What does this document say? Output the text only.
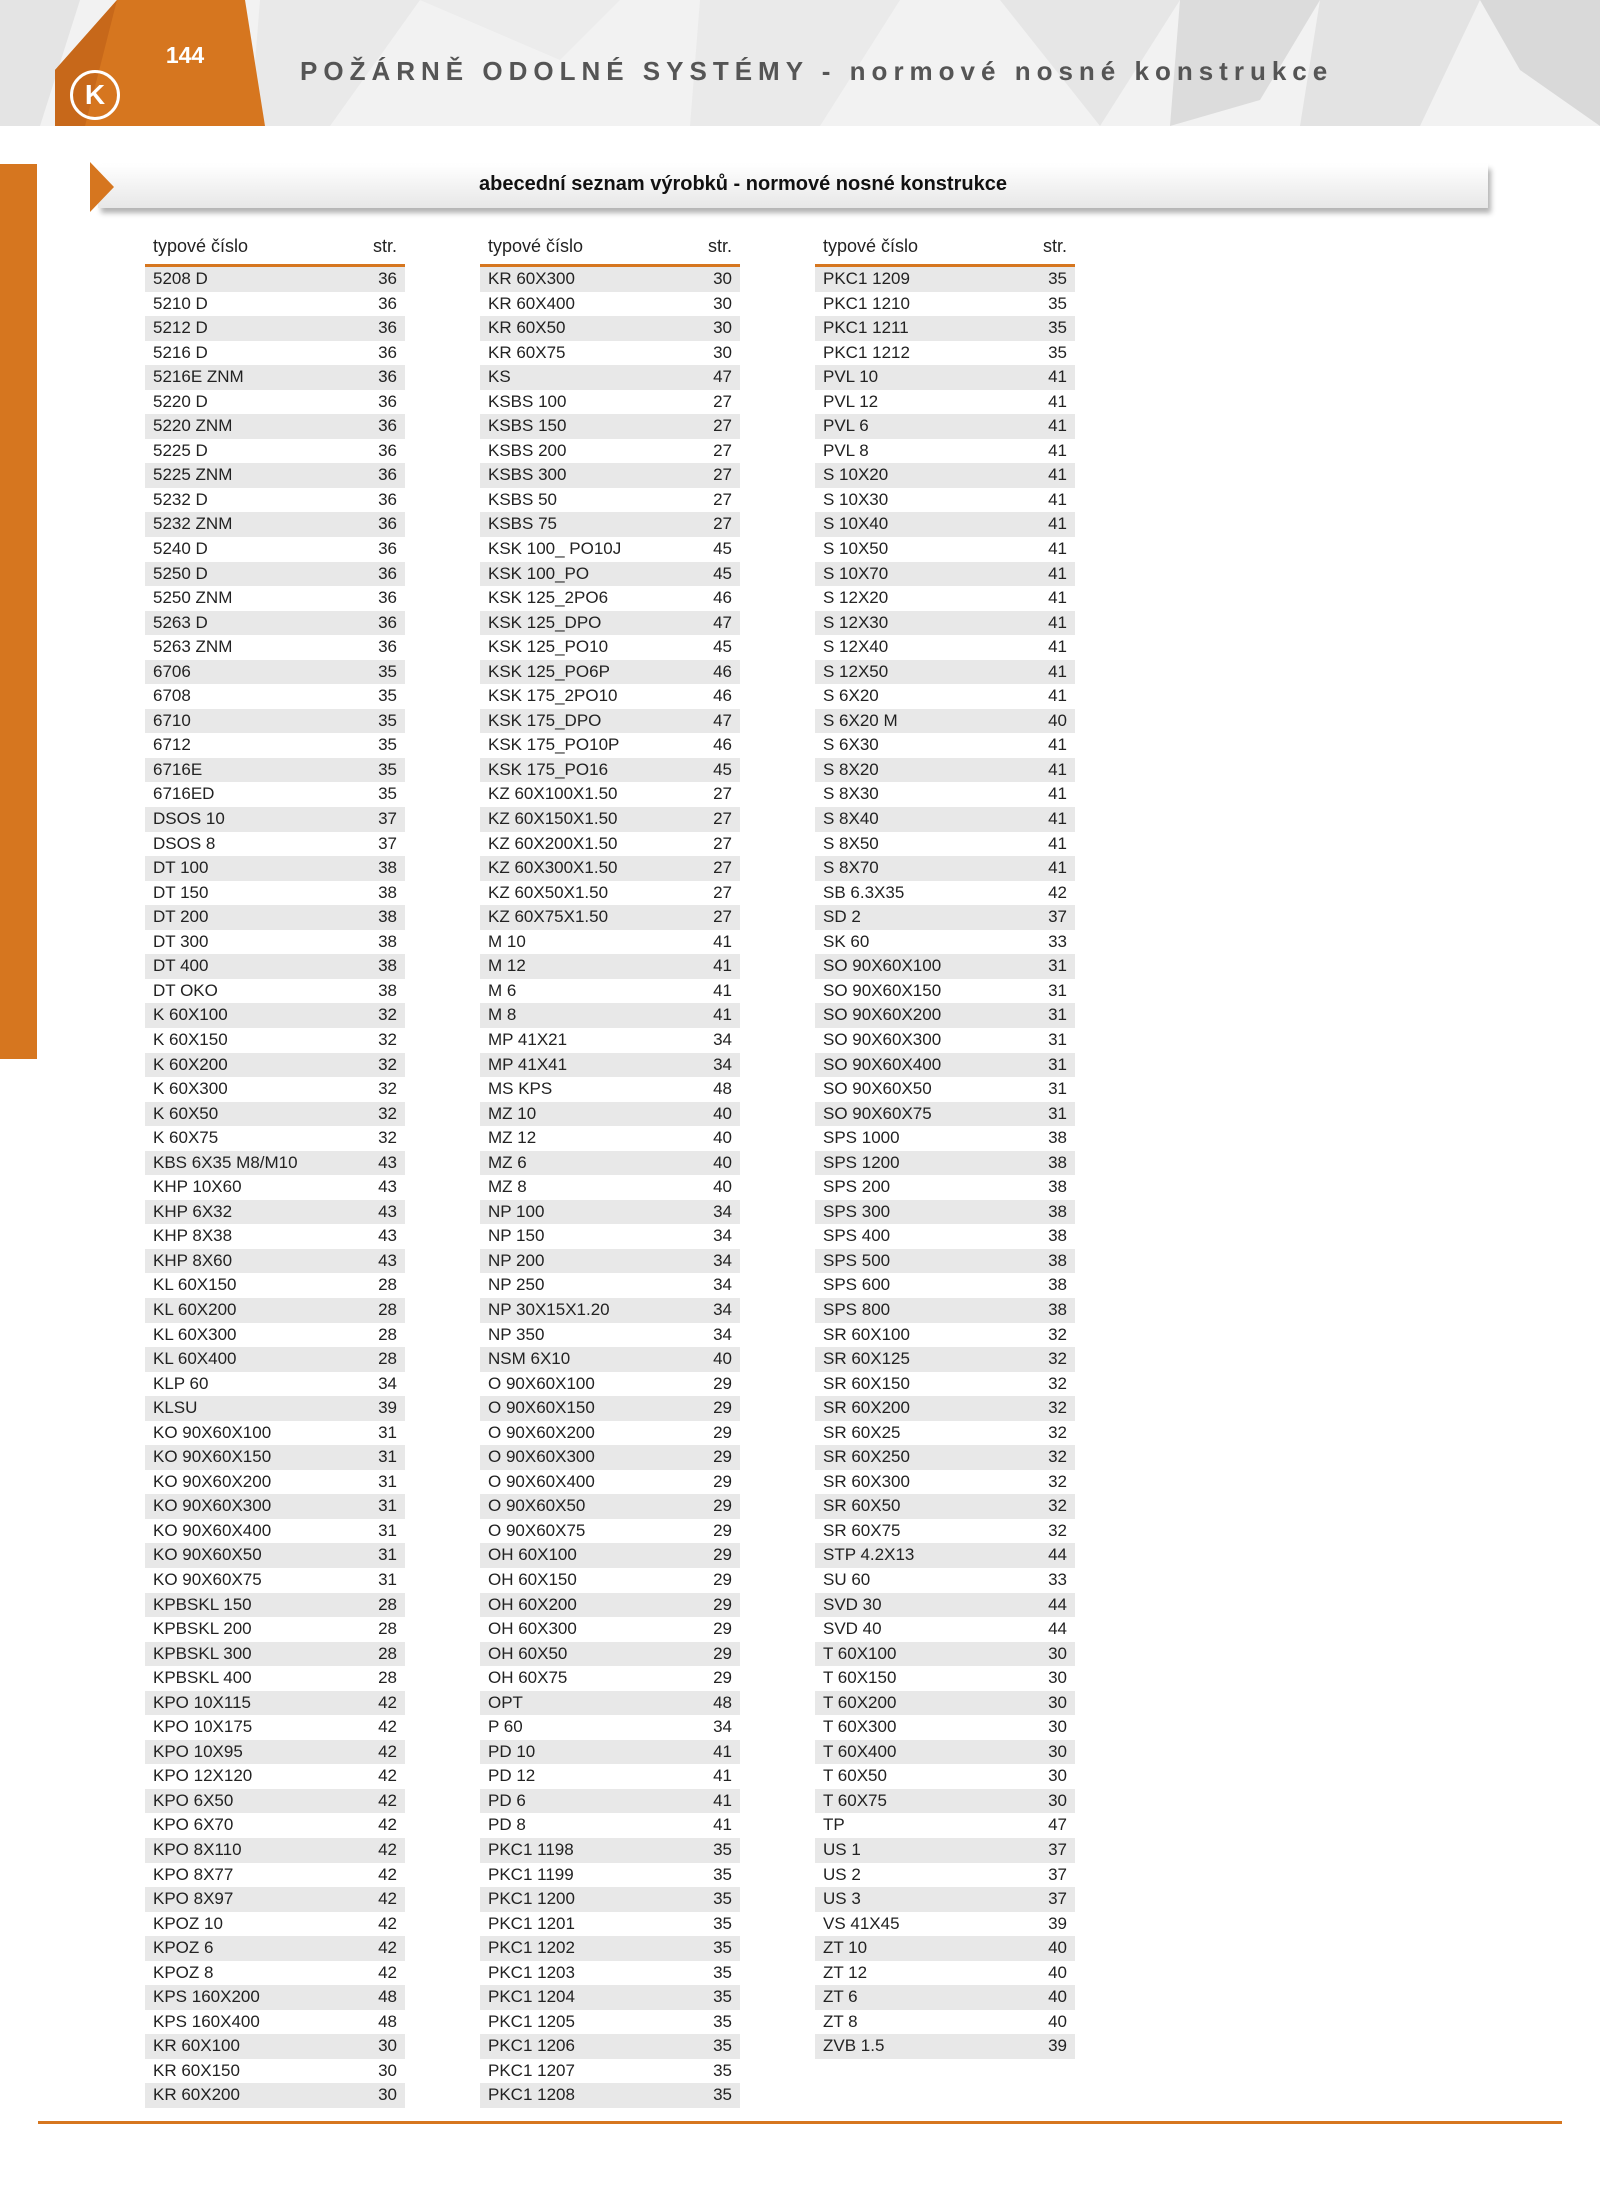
144
K
POŽÁRNĚ ODOLNÉ SYSTÉMY - normové nosné konstrukce
abecední seznam výrobků - normové nosné konstrukce
typové číslo	str.
5208 D	36
5210 D	36
5212 D	36
5216 D	36
5216E ZNM	36
5220 D	36
5220 ZNM	36
5225 D	36
5225 ZNM	36
5232 D	36
5232 ZNM	36
5240 D	36
5250 D	36
5250 ZNM	36
5263 D	36
5263 ZNM	36
6706	35
6708	35
6710	35
6712	35
6716E	35
6716ED	35
DSOS 10	37
DSOS 8	37
DT 100	38
DT 150	38
DT 200	38
DT 300	38
DT 400	38
DT OKO	38
K 60X100	32
K 60X150	32
K 60X200	32
K 60X300	32
K 60X50	32
K 60X75	32
KBS 6X35 M8/M10	43
KHP 10X60	43
KHP 6X32	43
KHP 8X38	43
KHP 8X60	43
KL 60X150	28
KL 60X200	28
KL 60X300	28
KL 60X400	28
KLP 60	34
KLSU	39
KO 90X60X100	31
KO 90X60X150	31
KO 90X60X200	31
KO 90X60X300	31
KO 90X60X400	31
KO 90X60X50	31
KO 90X60X75	31
KPBSKL 150	28
KPBSKL 200	28
KPBSKL 300	28
KPBSKL 400	28
KPO 10X115	42
KPO 10X175	42
KPO 10X95	42
KPO 12X120	42
KPO 6X50	42
KPO 6X70	42
KPO 8X110	42
KPO 8X77	42
KPO 8X97	42
KPOZ 10	42
KPOZ 6	42
KPOZ 8	42
KPS 160X200	48
KPS 160X400	48
KR 60X100	30
KR 60X150	30
KR 60X200	30
typové číslo	str.
KR 60X300	30
KR 60X400	30
KR 60X50	30
KR 60X75	30
KS	47
KSBS 100	27
KSBS 150	27
KSBS 200	27
KSBS 300	27
KSBS 50	27
KSBS 75	27
KSK 100_ PO10J	45
KSK 100_PO	45
KSK 125_2PO6	46
KSK 125_DPO	47
KSK 125_PO10	45
KSK 125_PO6P	46
KSK 175_2PO10	46
KSK 175_DPO	47
KSK 175_PO10P	46
KSK 175_PO16	45
KZ 60X100X1.50	27
KZ 60X150X1.50	27
KZ 60X200X1.50	27
KZ 60X300X1.50	27
KZ 60X50X1.50	27
KZ 60X75X1.50	27
M 10	41
M 12	41
M 6	41
M 8	41
MP 41X21	34
MP 41X41	34
MS KPS	48
MZ 10	40
MZ 12	40
MZ 6	40
MZ 8	40
NP 100	34
NP 150	34
NP 200	34
NP 250	34
NP 30X15X1.20	34
NP 350	34
NSM 6X10	40
O 90X60X100	29
O 90X60X150	29
O 90X60X200	29
O 90X60X300	29
O 90X60X400	29
O 90X60X50	29
O 90X60X75	29
OH 60X100	29
OH 60X150	29
OH 60X200	29
OH 60X300	29
OH 60X50	29
OH 60X75	29
OPT	48
P 60	34
PD 10	41
PD 12	41
PD 6	41
PD 8	41
PKC1 1198	35
PKC1 1199	35
PKC1 1200	35
PKC1 1201	35
PKC1 1202	35
PKC1 1203	35
PKC1 1204	35
PKC1 1205	35
PKC1 1206	35
PKC1 1207	35
PKC1 1208	35
typové číslo	str.
PKC1 1209	35
PKC1 1210	35
PKC1 1211	35
PKC1 1212	35
PVL 10	41
PVL 12	41
PVL 6	41
PVL 8	41
S 10X20	41
S 10X30	41
S 10X40	41
S 10X50	41
S 10X70	41
S 12X20	41
S 12X30	41
S 12X40	41
S 12X50	41
S 6X20	41
S 6X20 M	40
S 6X30	41
S 8X20	41
S 8X30	41
S 8X40	41
S 8X50	41
S 8X70	41
SB 6.3X35	42
SD 2	37
SK 60	33
SO 90X60X100	31
SO 90X60X150	31
SO 90X60X200	31
SO 90X60X300	31
SO 90X60X400	31
SO 90X60X50	31
SO 90X60X75	31
SPS 1000	38
SPS 1200	38
SPS 200	38
SPS 300	38
SPS 400	38
SPS 500	38
SPS 600	38
SPS 800	38
SR 60X100	32
SR 60X125	32
SR 60X150	32
SR 60X200	32
SR 60X25	32
SR 60X250	32
SR 60X300	32
SR 60X50	32
SR 60X75	32
STP 4.2X13	44
SU 60	33
SVD 30	44
SVD 40	44
T 60X100	30
T 60X150	30
T 60X200	30
T 60X300	30
T 60X400	30
T 60X50	30
T 60X75	30
TP	47
US 1	37
US 2	37
US 3	37
VS 41X45	39
ZT 10	40
ZT 12	40
ZT 6	40
ZT 8	40
ZVB 1.5	39
